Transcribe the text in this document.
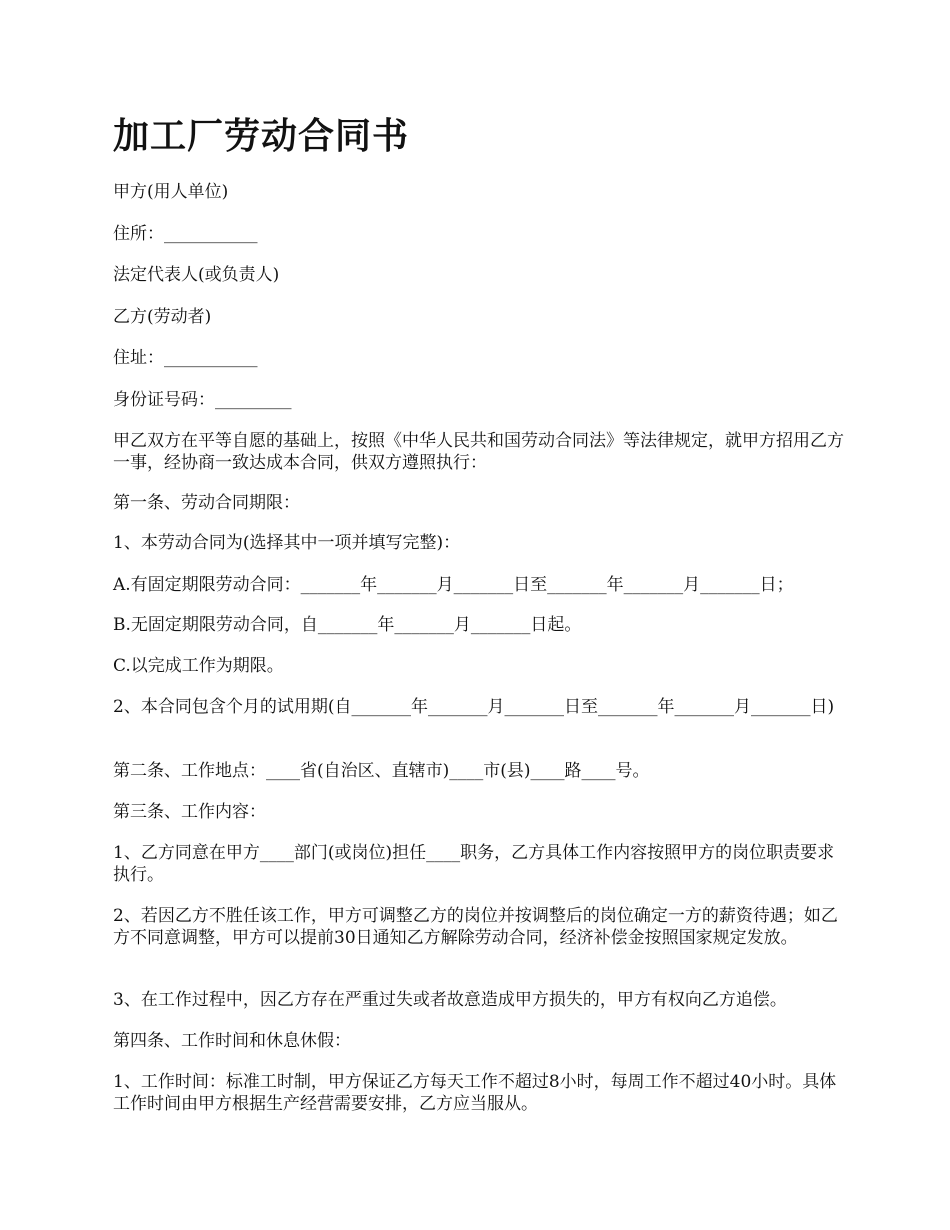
加工厂劳动合同书

甲方(用人单位)

住所：___________

法定代表人(或负责人)

乙方(劳动者)

住址：___________

身份证号码：_________

甲乙双方在平等自愿的基础上，按照《中华人民共和国劳动合同法》等法律规定，就甲方招用乙方一事，经协商一致达成本合同，供双方遵照执行：

第一条、劳动合同期限：

1、本劳动合同为(选择其中一项并填写完整)：

A.有固定期限劳动合同：_______年_______月_______日至_______年_______月_______日；

B.无固定期限劳动合同，自_______年_______月_______日起。

C.以完成工作为期限。

2、本合同包含个月的试用期(自_______年_______月_______日至_______年_______月_______日)

第二条、工作地点：____省(自治区、直辖市)____市(县)____路____号。

第三条、工作内容：

1、乙方同意在甲方____部门(或岗位)担任____职务，乙方具体工作内容按照甲方的岗位职责要求执行。

2、若因乙方不胜任该工作，甲方可调整乙方的岗位并按调整后的岗位确定一方的薪资待遇；如乙方不同意调整，甲方可以提前30日通知乙方解除劳动合同，经济补偿金按照国家规定发放。

3、在工作过程中，因乙方存在严重过失或者故意造成甲方损失的，甲方有权向乙方追偿。

第四条、工作时间和休息休假：

1、工作时间：标准工时制，甲方保证乙方每天工作不超过8小时，每周工作不超过40小时。具体工作时间由甲方根据生产经营需要安排，乙方应当服从。
